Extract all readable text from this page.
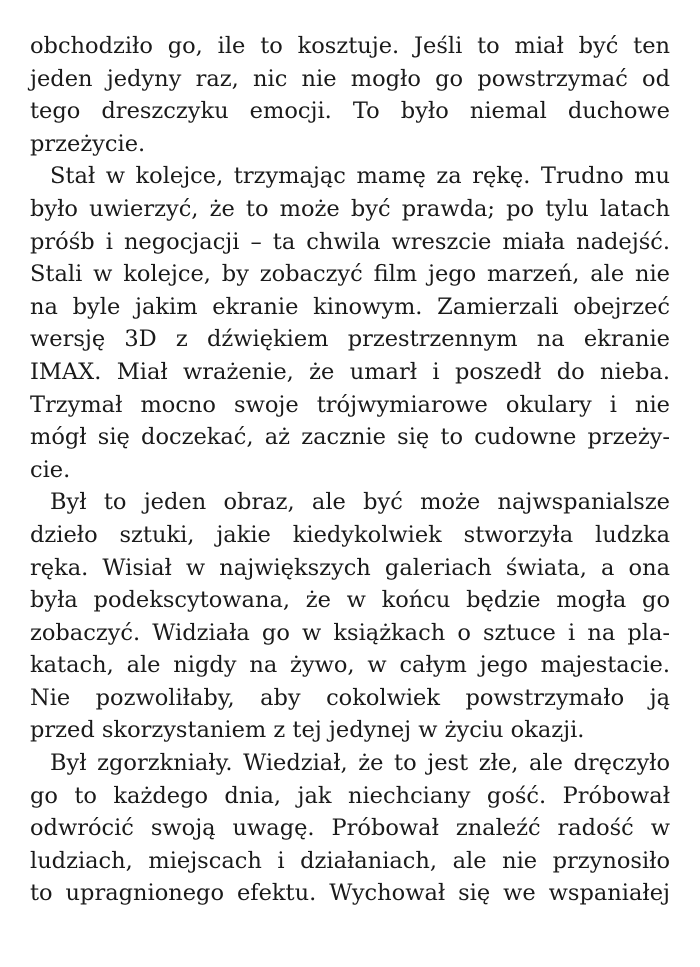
obchodziło go, ile to kosztuje. Jeśli to miał być ten
jeden jedyny raz, nic nie mogło go powstrzymać od
tego dreszczyku emocji. To było niemal duchowe
przeżycie.
Stał w kolejce, trzymając mamę za rękę. Trudno mu
było uwierzyć, że to może być prawda; po tylu latach
próśb i negocjacji – ta chwila wreszcie miała nadejść.
Stali w kolejce, by zobaczyć film jego marzeń, ale nie
na byle jakim ekranie kinowym. Zamierzali obejrzeć
wersję 3D z dźwiękiem przestrzennym na ekranie
IMAX. Miał wrażenie, że umarł i poszedł do nieba.
Trzymał mocno swoje trójwymiarowe okulary i nie
mógł się doczekać, aż zacznie się to cudowne przeży-
cie.
Był to jeden obraz, ale być może najwspanialsze
dzieło sztuki, jakie kiedykolwiek stworzyła ludzka
ręka. Wisiał w największych galeriach świata, a ona
była podekscytowana, że w końcu będzie mogła go
zobaczyć. Widziała go w książkach o sztuce i na pla-
katach, ale nigdy na żywo, w całym jego majestacie.
Nie pozwoliłaby, aby cokolwiek powstrzymało ją
przed skorzystaniem z tej jedynej w życiu okazji.
Był zgorzkniały. Wiedział, że to jest złe, ale dręczyło
go to każdego dnia, jak niechciany gość. Próbował
odwrócić swoją uwagę. Próbował znaleźć radość w
ludziach, miejscach i działaniach, ale nie przynosiło
to upragnionego efektu. Wychował się we wspaniałej
